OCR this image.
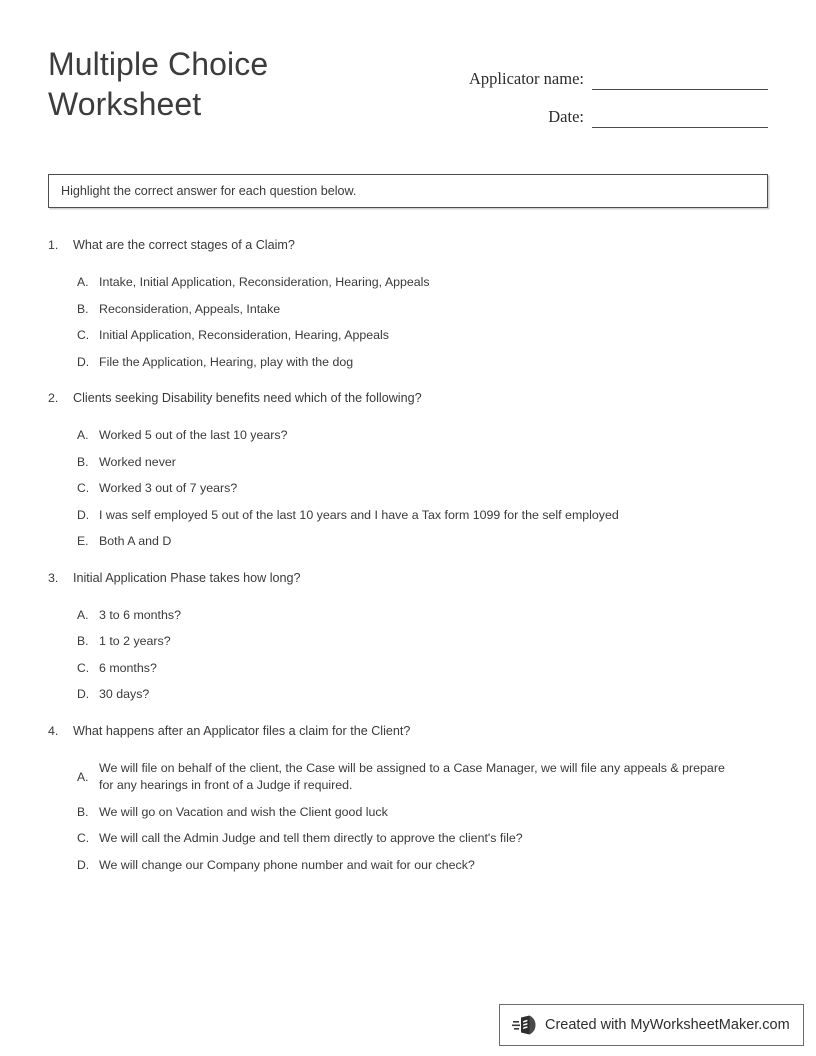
Multiple Choice Worksheet
Applicator name:
Date:
Highlight the correct answer for each question below.
1.	What are the correct stages of a Claim?
A. Intake, Initial Application, Reconsideration, Hearing, Appeals
B. Reconsideration, Appeals, Intake
C. Initial Application, Reconsideration, Hearing, Appeals
D. File the Application, Hearing, play with the dog
2.	Clients seeking Disability benefits need which of the following?
A. Worked 5 out of the last 10 years?
B. Worked never
C. Worked 3 out of 7 years?
D. I was self employed 5 out of the last 10 years and I have a Tax form 1099 for the self employed
E. Both A and D
3.	Initial Application Phase takes how long?
A. 3 to 6 months?
B. 1 to 2 years?
C. 6 months?
D. 30 days?
4.	What happens after an Applicator files a claim for the Client?
A.
We will file on behalf of the client, the Case will be assigned to a Case Manager, we will file any appeals & prepare for any hearings in front of a Judge if required.
B. We will go on Vacation and wish the Client good luck
C. We will call the Admin Judge and tell them directly to approve the client's file?
D. We will change our Company phone number and wait for our check?
Created with MyWorksheetMaker.com
